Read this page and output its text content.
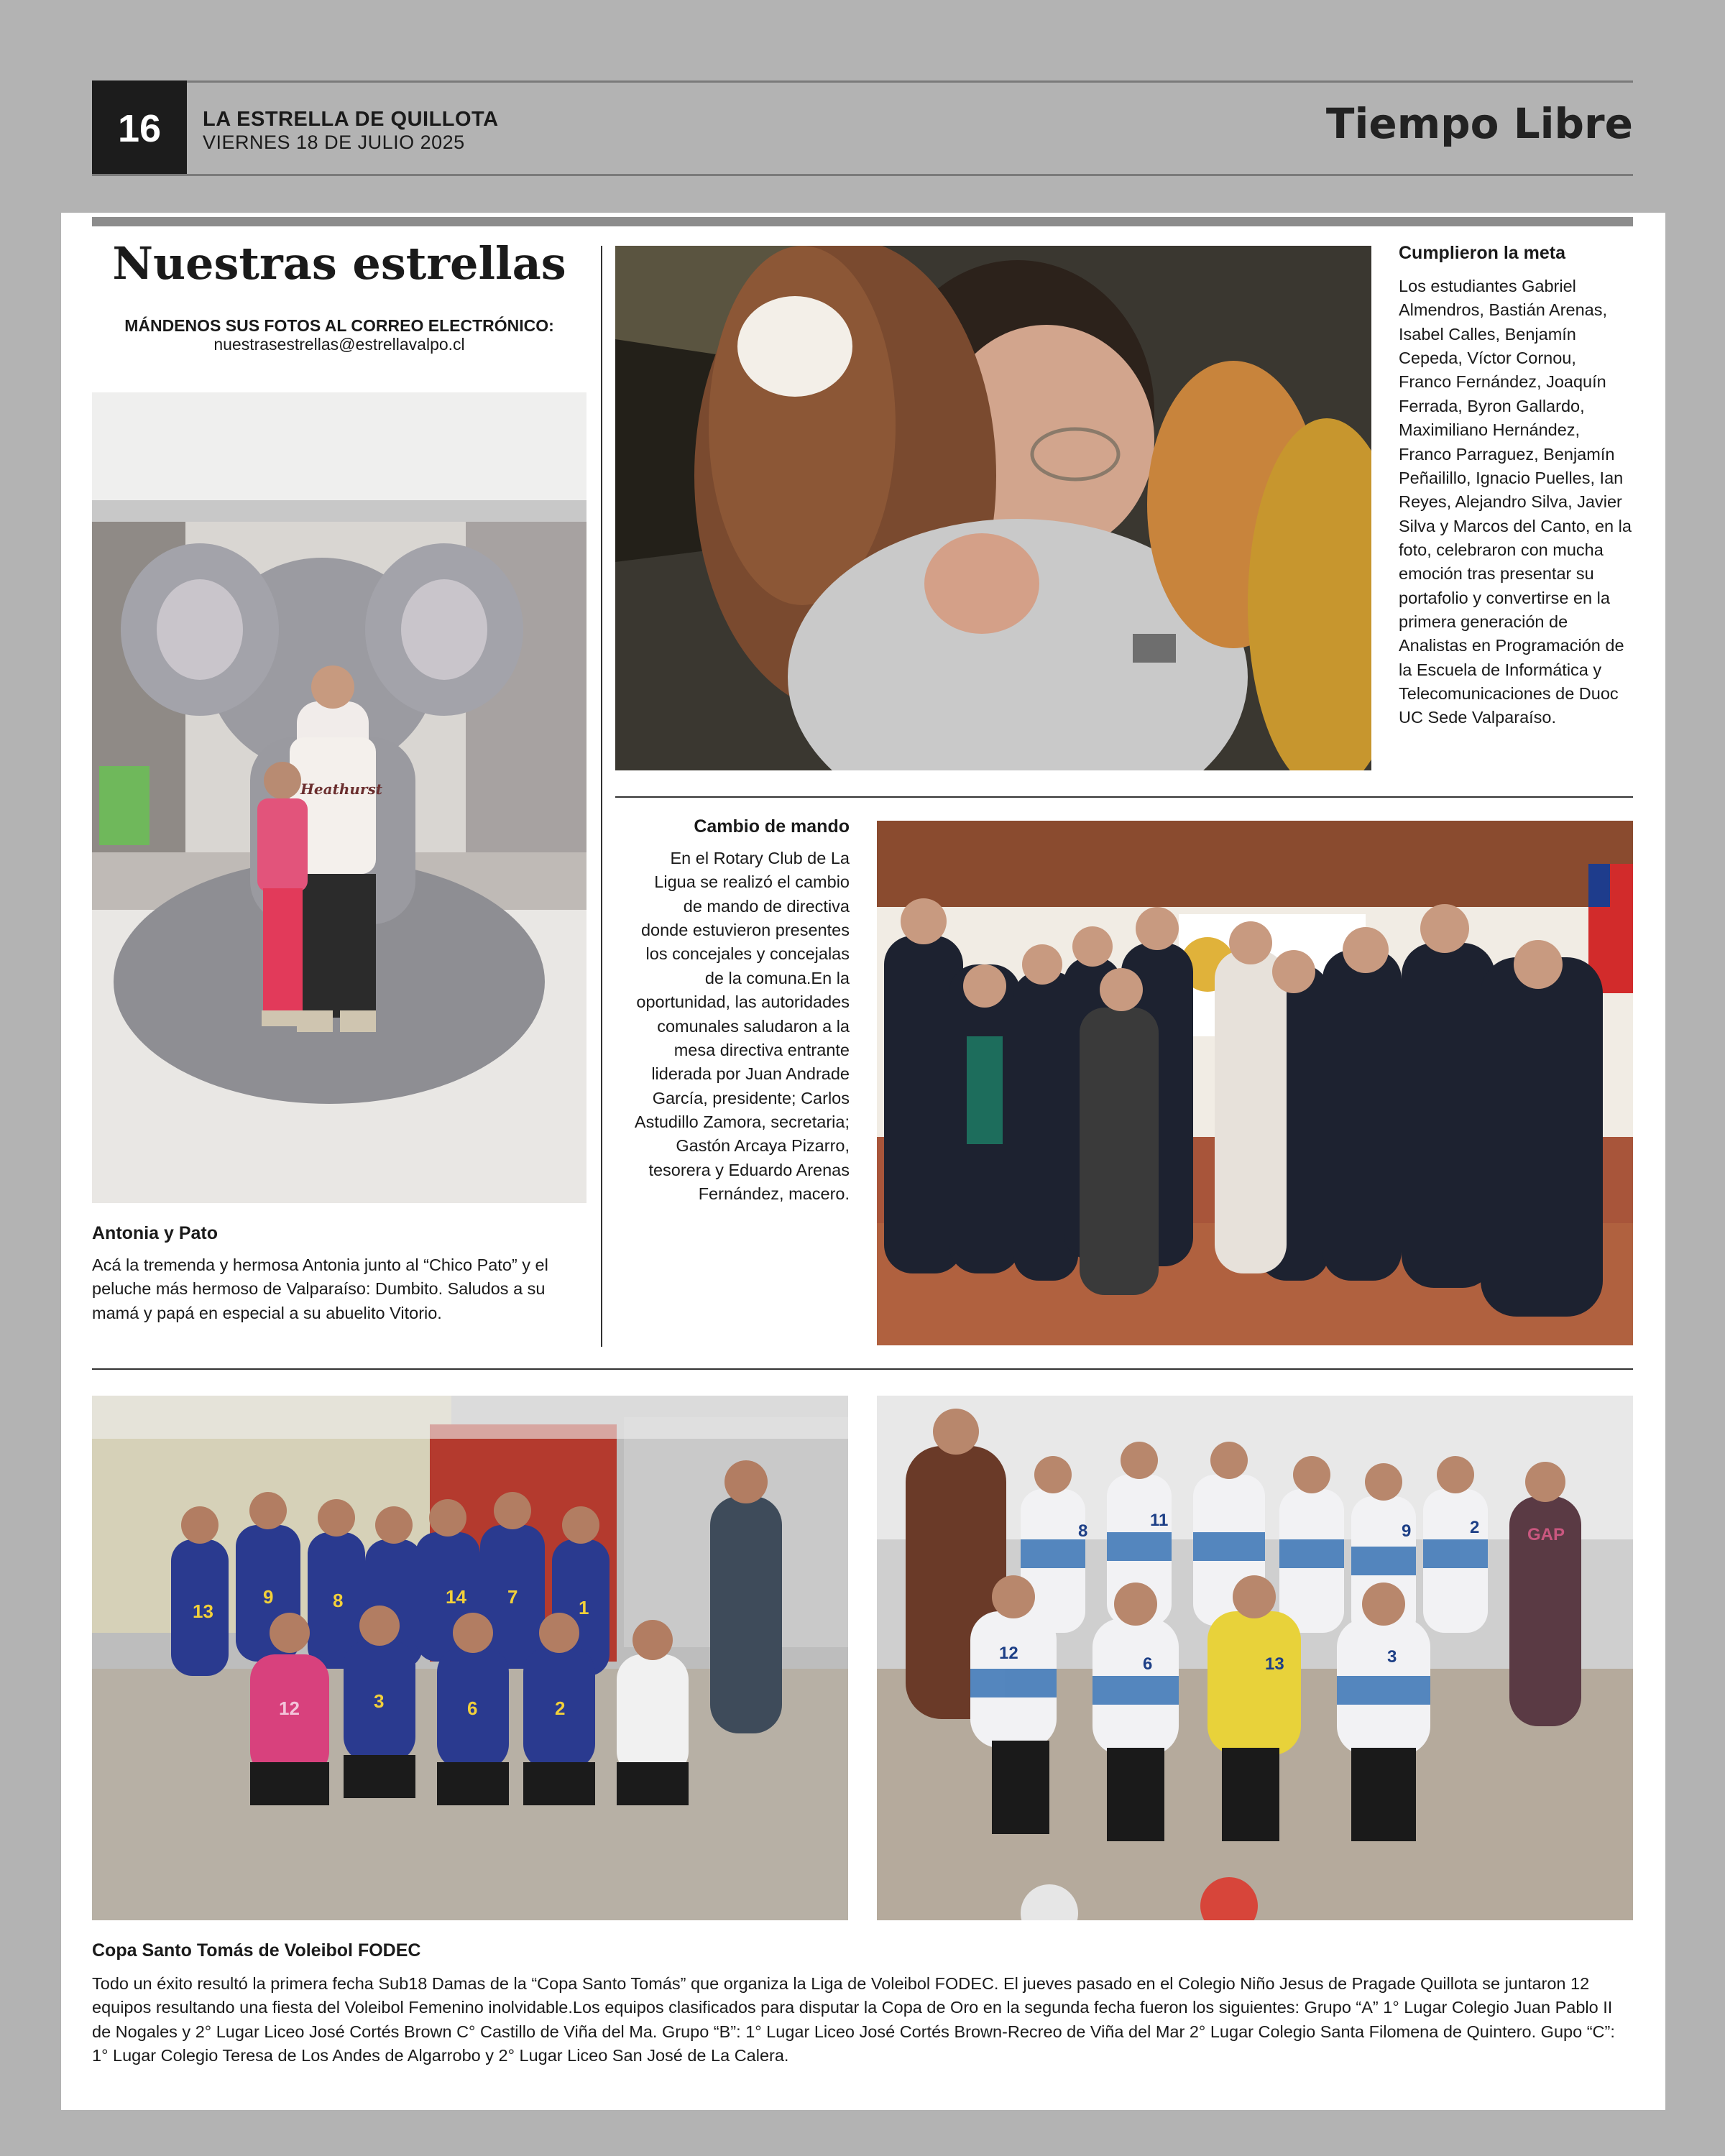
16	LA ESTRELLA DE QUILLOTA
VIERNES 18 DE JULIO 2025	Tiempo Libre
Nuestras estrellas
MÁNDENOS SUS FOTOS AL CORREO ELECTRÓNICO:
nuestrasestrellas@estrellavalpo.cl
Heathurst
Antonia y Pato
Acá la tremenda y hermosa Antonia junto al “Chico Pato” y el peluche más hermoso de Valparaíso: Dumbito. Saludos a su mamá y papá en especial a su abuelito Vitorio.
Cumplieron la meta
Los estudiantes Gabriel Almendros, Bastián Arenas, Isabel Calles, Benjamín Cepeda, Víctor Cornou, Franco Fernández, Joaquín Ferrada, Byron Gallardo, Maximiliano Hernández, Franco Parraguez, Benjamín Peñailillo, Ignacio Puelles, Ian Reyes, Alejandro Silva, Javier Silva y Marcos del Canto, en la foto, celebraron con mucha emoción tras presentar su portafolio y convertirse en la primera generación de Analistas en Programación de la Escuela de Informática y Telecomunicaciones de Duoc UC Sede Valparaíso.
Cambio de mando
En el Rotary Club de La Ligua se realizó el cambio de mando de directiva donde estuvieron presentes los concejales y concejalas de la comuna.En la oportunidad, las autoridades comunales saludaron a la mesa directiva entrante liderada por Juan Andrade García, presidente; Carlos Astudillo Zamora, secretaria; Gastón Arcaya Pizarro, tesorera y Eduardo Arenas Fernández, macero.
13
9	8	14 7	1
12	3	6	2
8
11
9	2
12
6	13	3
GAP
Copa Santo Tomás de Voleibol FODEC
Todo un éxito resultó la primera fecha Sub18 Damas de la “Copa Santo Tomás” que organiza la Liga de Voleibol FODEC. El jueves pasado en el Colegio Niño Jesus de Pragade Quillota se juntaron 12 equipos resultando una fiesta del Voleibol Femenino inolvidable.Los equipos clasificados para disputar la Copa de Oro en la segunda fecha fueron los siguientes: Grupo “A” 1° Lugar Colegio Juan Pablo II de Nogales y 2° Lugar Liceo José Cortés Brown C° Castillo de Viña del Ma. Grupo “B”: 1° Lugar Liceo José Cortés Brown-Recreo de Viña del Mar 2° Lugar Colegio Santa Filomena de Quintero. Gupo “C”: 1° Lugar Colegio Teresa de Los Andes de Algarrobo y 2° Lugar Liceo San José de La Calera.
